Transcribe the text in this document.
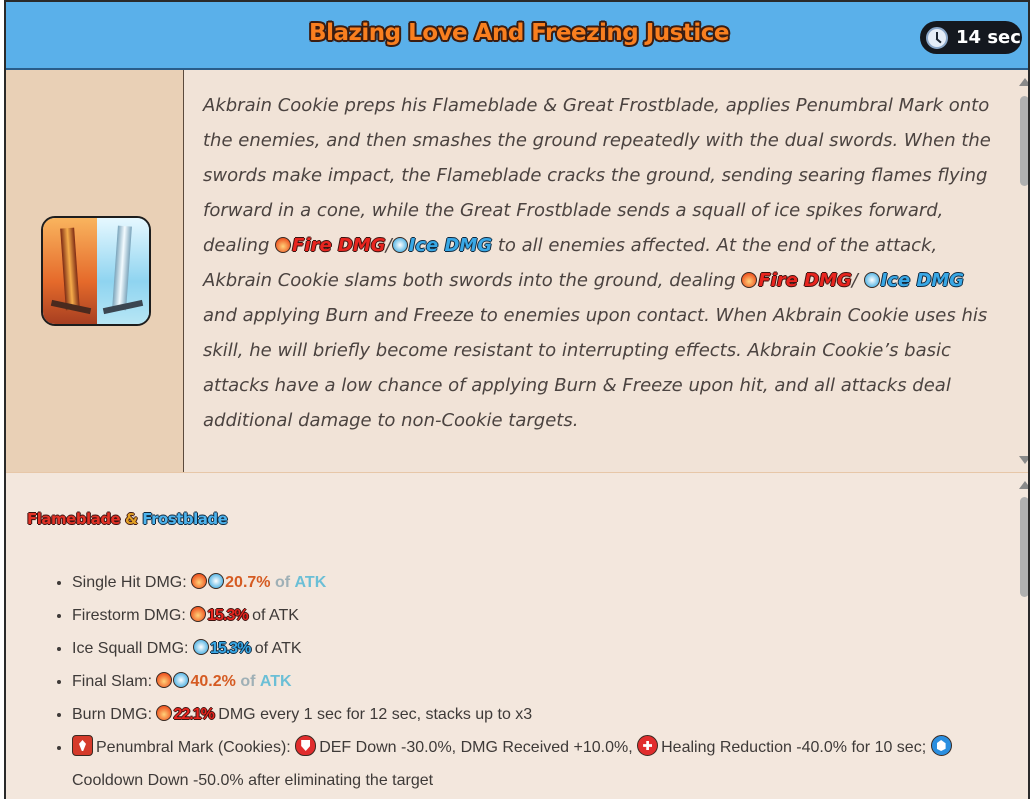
Blazing Love And Freezing Justice	14 sec
Akbrain Cookie preps his Flameblade & Great Frostblade, applies Penumbral Mark onto the enemies, and then smashes the ground repeatedly with the dual swords. When the swords make impact, the Flameblade cracks the ground, sending searing flames flying forward in a cone, while the Great Frostblade sends a squall of ice spikes forward, dealing Fire DMG/ Ice DMG to all enemies affected. At the end of the attack, Akbrain Cookie slams both swords into the ground, dealing Fire DMG/ Ice DMG and applying Burn and Freeze to enemies upon contact. When Akbrain Cookie uses his skill, he will briefly become resistant to interrupting effects. Akbrain Cookie’s basic attacks have a low chance of applying Burn & Freeze upon hit, and all attacks deal additional damage to non-Cookie targets.
Flameblade & Frostblade
• Single Hit DMG: 20.7% of ATK
• Firestorm DMG: 15.3% of ATK
• Ice Squall DMG: 15.3% of ATK
• Final Slam: 40.2% of ATK
• Burn DMG: 22.1% DMG every 1 sec for 12 sec, stacks up to x3
• Penumbral Mark (Cookies): DEF Down -30.0%, DMG Received +10.0%, Healing Reduction -40.0% for 10 sec; Cooldown Down -50.0% after eliminating the target
